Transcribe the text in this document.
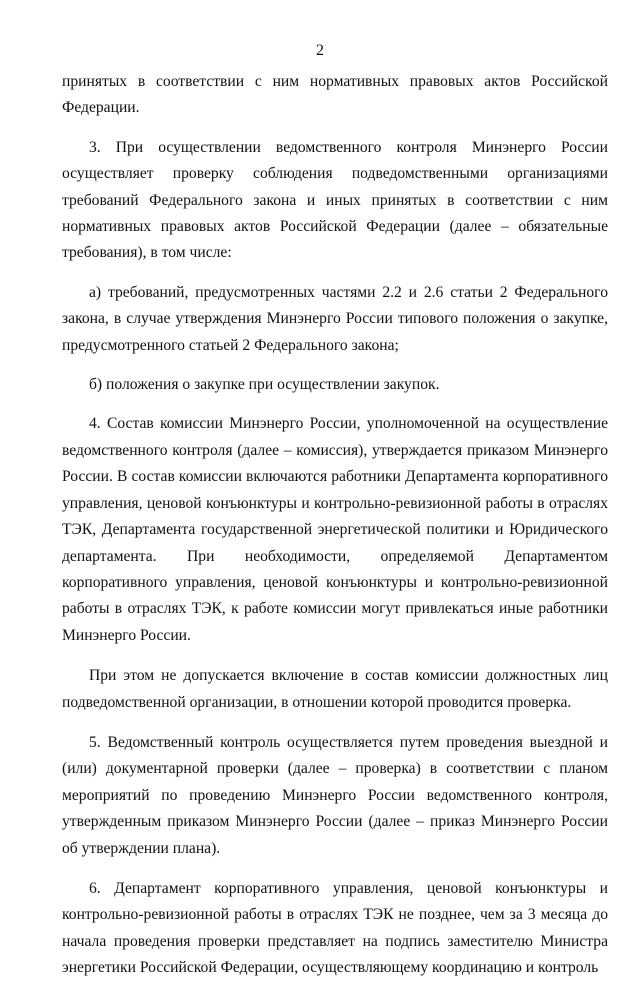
2

принятых в соответствии с ним нормативных правовых актов Российской Федерации.

3. При осуществлении ведомственного контроля Минэнерго России осуществляет проверку соблюдения подведомственными организациями требований Федерального закона и иных принятых в соответствии с ним нормативных правовых актов Российской Федерации (далее – обязательные требования), в том числе:

а) требований, предусмотренных частями 2.2 и 2.6 статьи 2 Федерального закона, в случае утверждения Минэнерго России типового положения о закупке, предусмотренного статьей 2 Федерального закона;

б) положения о закупке при осуществлении закупок.

4. Состав комиссии Минэнерго России, уполномоченной на осуществление ведомственного контроля (далее – комиссия), утверждается приказом Минэнерго России. В состав комиссии включаются работники Департамента корпоративного управления, ценовой конъюнктуры и контрольно-ревизионной работы в отраслях ТЭК, Департамента государственной энергетической политики и Юридического департамента. При необходимости, определяемой Департаментом корпоративного управления, ценовой конъюнктуры и контрольно-ревизионной работы в отраслях ТЭК, к работе комиссии могут привлекаться иные работники Минэнерго России.

При этом не допускается включение в состав комиссии должностных лиц подведомственной организации, в отношении которой проводится проверка.

5. Ведомственный контроль осуществляется путем проведения выездной и (или) документарной проверки (далее – проверка) в соответствии с планом мероприятий по проведению Минэнерго России ведомственного контроля, утвержденным приказом Минэнерго России (далее – приказ Минэнерго России об утверждении плана).

6. Департамент корпоративного управления, ценовой конъюнктуры и контрольно-ревизионной работы в отраслях ТЭК не позднее, чем за 3 месяца до начала проведения проверки представляет на подпись заместителю Министра энергетики Российской Федерации, осуществляющему координацию и контроль
